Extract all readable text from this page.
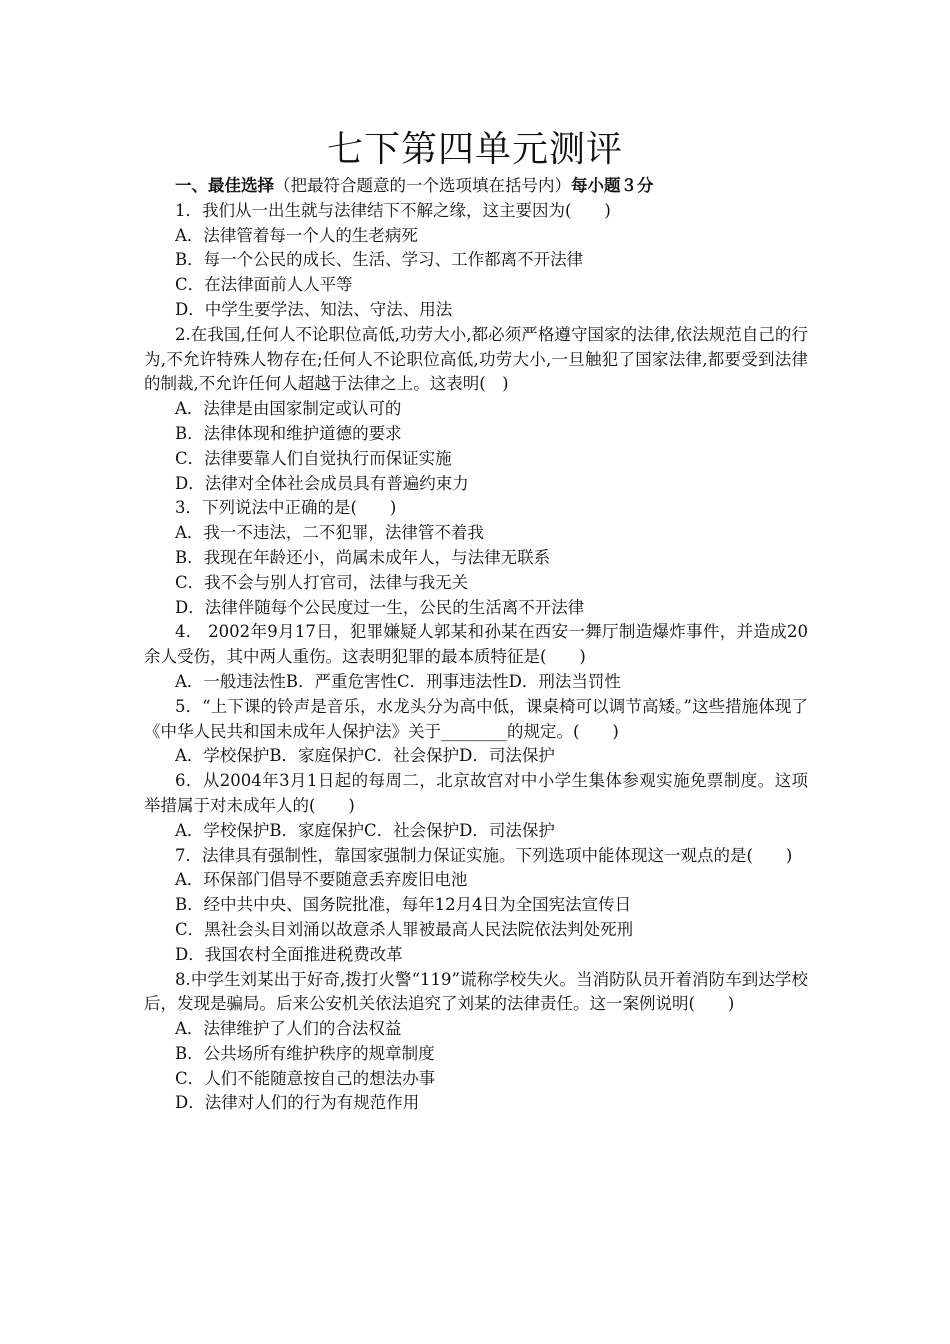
七下第四单元测评
一、最佳选择（把最符合题意的一个选项填在括号内）每小题３分
1．我们从一出生就与法律结下不解之缘，这主要因为(　　)
A．法律管着每一个人的生老病死
B．每一个公民的成长、生活、学习、工作都离不开法律
C．在法律面前人人平等
D．中学生要学法、知法、守法、用法
2.在我国,任何人不论职位高低,功劳大小,都必须严格遵守国家的法律,依法规范自己的行为,不允许特殊人物存在;任何人不论职位高低,功劳大小,一旦触犯了国家法律,都要受到法律的制裁,不允许任何人超越于法律之上。这表明(　)
A．法律是由国家制定或认可的
B．法律体现和维护道德的要求
C．法律要靠人们自觉执行而保证实施
D．法律对全体社会成员具有普遍约束力
3．下列说法中正确的是(　　)
A．我一不违法，二不犯罪，法律管不着我
B．我现在年龄还小，尚属未成年人，与法律无联系
C．我不会与别人打官司，法律与我无关
D．法律伴随每个公民度过一生，公民的生活离不开法律
4． 2002年9月17日，犯罪嫌疑人郭某和孙某在西安一舞厅制造爆炸事件，并造成20余人受伤，其中两人重伤。这表明犯罪的最本质特征是(　　)
A．一般违法性B．严重危害性C．刑事违法性D．刑法当罚性
5．“上下课的铃声是音乐，水龙头分为高中低，课桌椅可以调节高矮。”这些措施体现了《中华人民共和国未成年人保护法》关于________的规定。(　　)
A．学校保护B．家庭保护C．社会保护D．司法保护
6．从2004年3月1日起的每周二，北京故宫对中小学生集体参观实施免票制度。这项举措属于对未成年人的(　　)
A．学校保护B．家庭保护C．社会保护D．司法保护
7．法律具有强制性，靠国家强制力保证实施。下列选项中能体现这一观点的是(　　)
A．环保部门倡导不要随意丢弃废旧电池
B．经中共中央、国务院批准，每年12月4日为全国宪法宣传日
C．黑社会头目刘涌以故意杀人罪被最高人民法院依法判处死刑
D．我国农村全面推进税费改革
8.中学生刘某出于好奇,拨打火警“119”谎称学校失火。当消防队员开着消防车到达学校后，发现是骗局。后来公安机关依法追究了刘某的法律责任。这一案例说明(　　)
A．法律维护了人们的合法权益
B．公共场所有维护秩序的规章制度
C．人们不能随意按自己的想法办事
D．法律对人们的行为有规范作用
